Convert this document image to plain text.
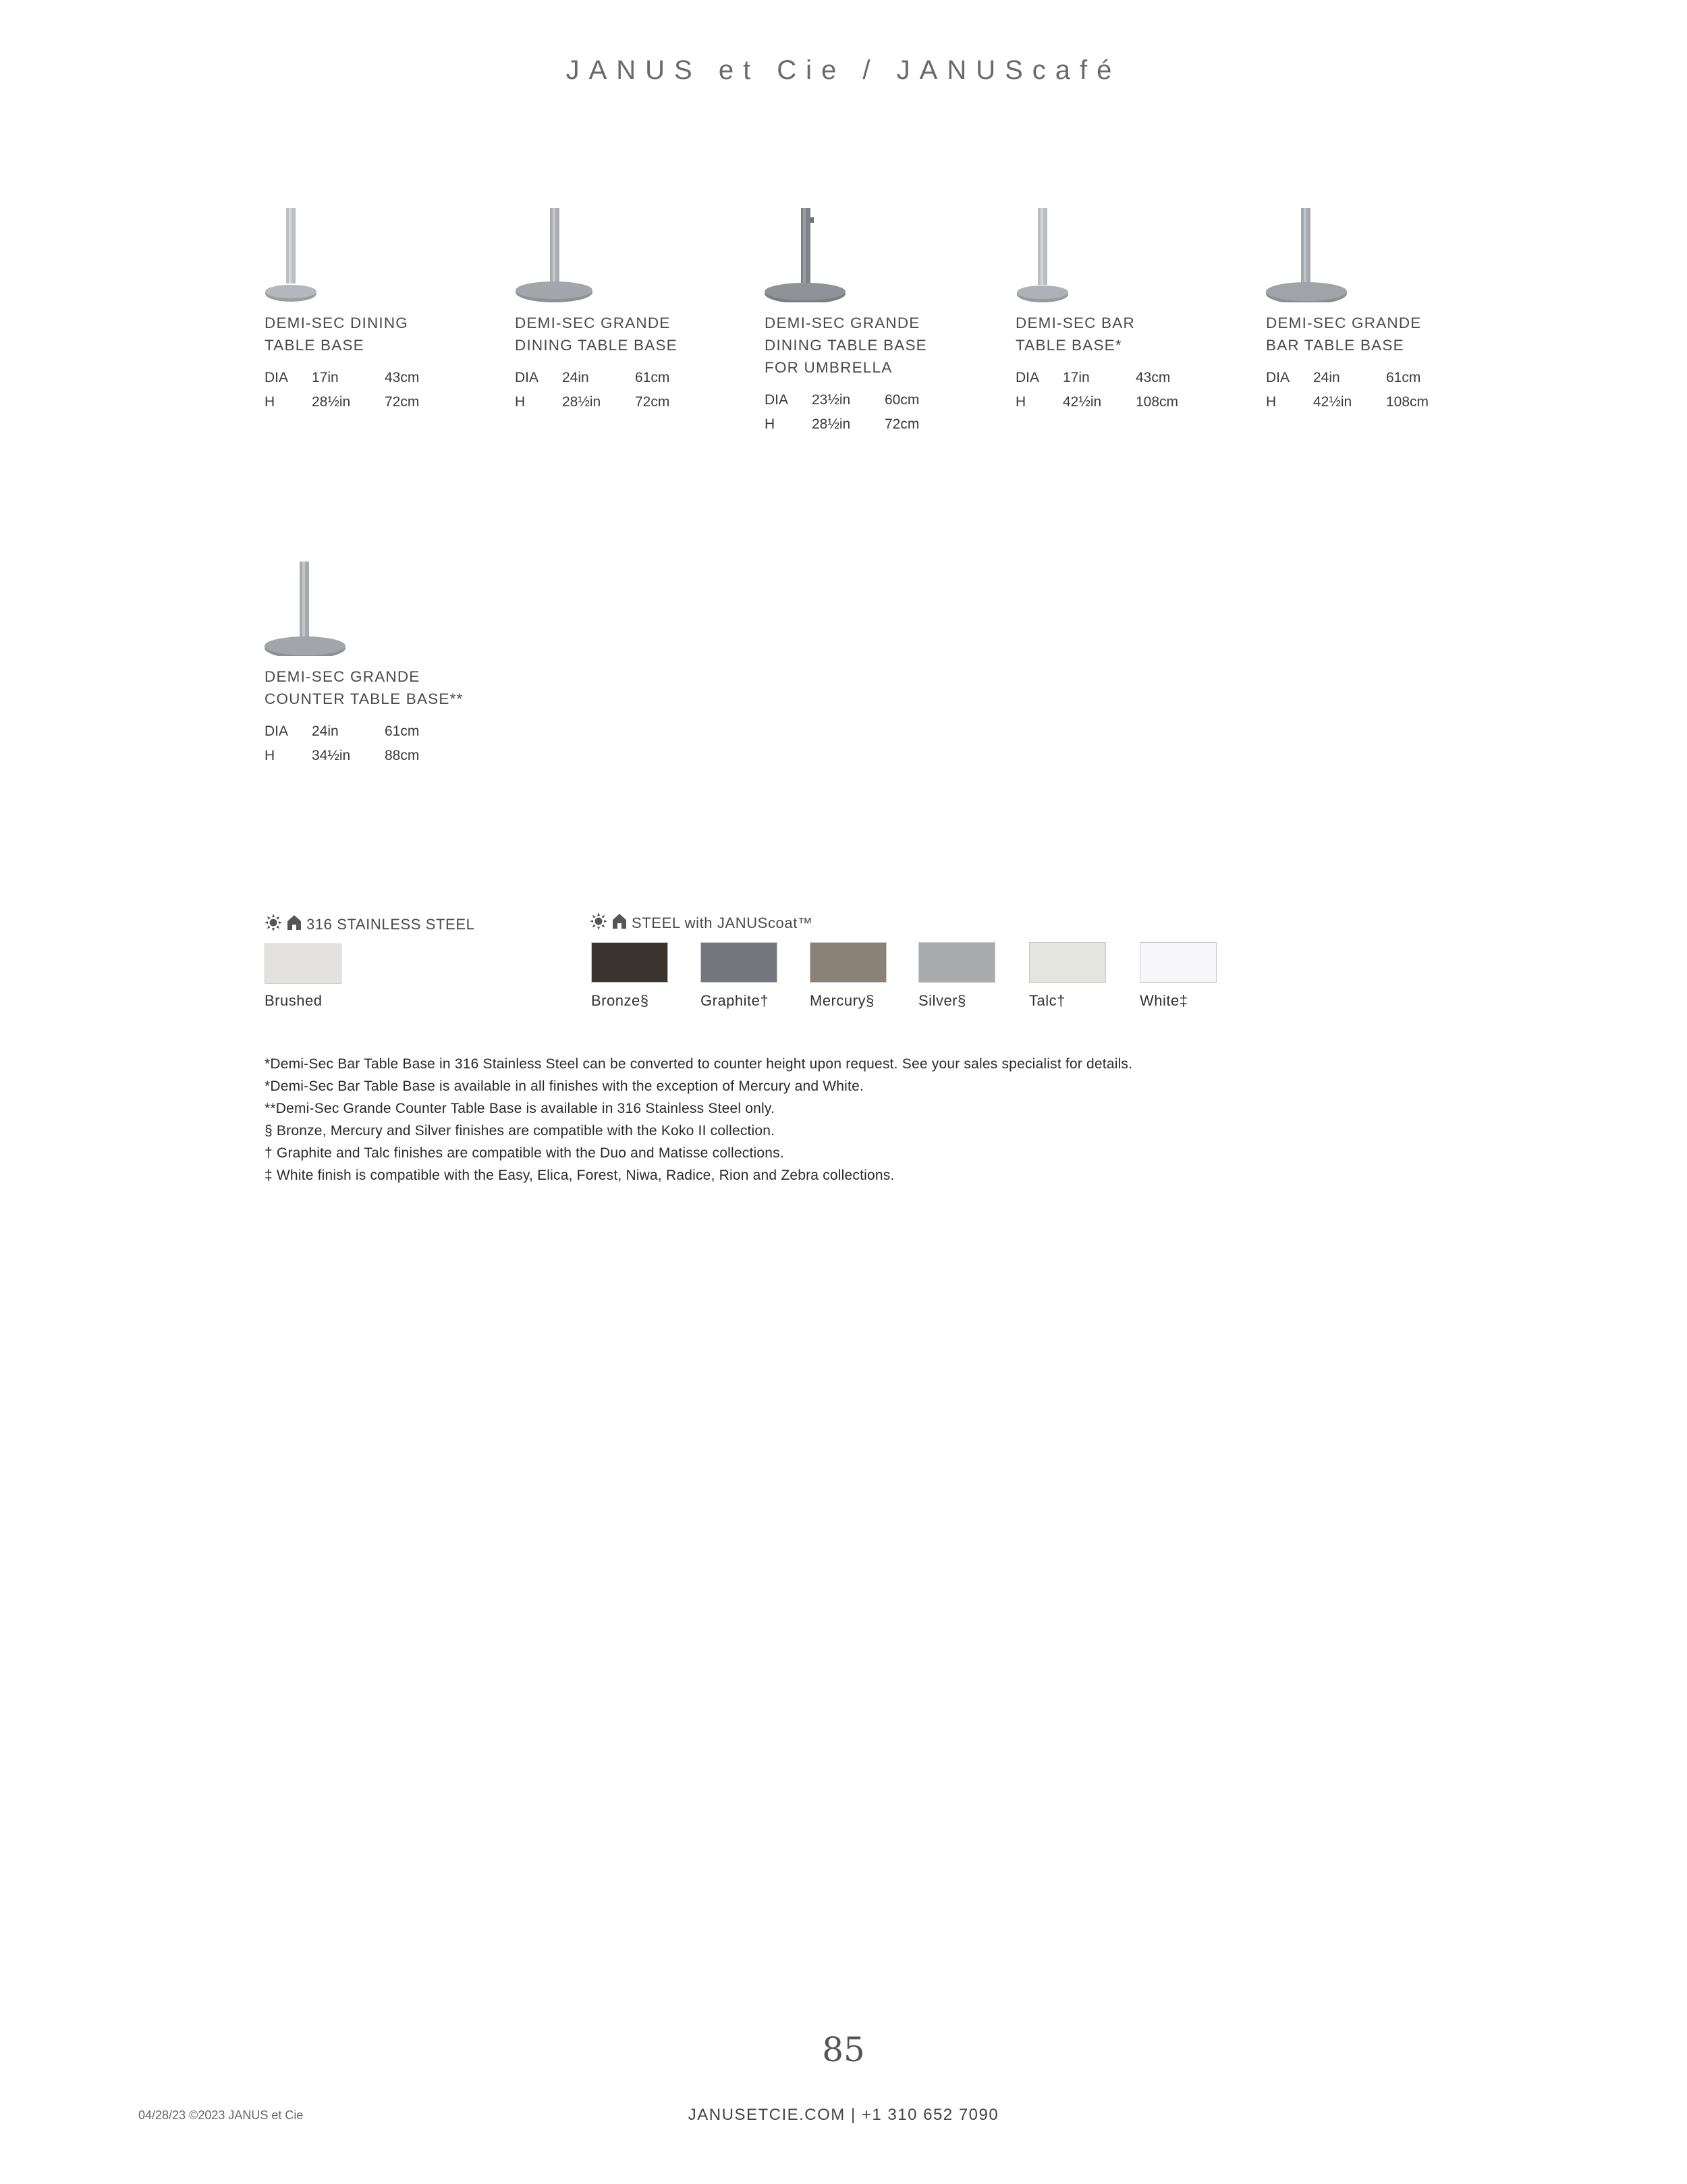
JANUS et Cie / JANUScafé
DEMI-SEC DINING
TABLE BASE
DIA	17in	43cm
H	28½in	72cm
DEMI-SEC GRANDE
DINING TABLE BASE
DIA	24in	61cm
H	28½in	72cm
DEMI-SEC GRANDE
DINING TABLE BASE
FOR UMBRELLA
DIA	23½in	60cm
H	28½in	72cm
DEMI-SEC BAR
TABLE BASE*
DIA	17in	43cm
H	42½in	108cm
DEMI-SEC GRANDE
BAR TABLE BASE
DIA	24in	61cm
H	42½in	108cm
DEMI-SEC GRANDE
COUNTER TABLE BASE**
DIA	24in	61cm
H	34½in	88cm
316 STAINLESS STEEL
Brushed
STEEL with JANUScoat™
Bronze§	Graphite†	Mercury§	Silver§	Talc†	White‡
*Demi-Sec Bar Table Base in 316 Stainless Steel can be converted to counter height upon request. See your sales specialist for details.
*Demi-Sec Bar Table Base is available in all finishes with the exception of Mercury and White.
**Demi-Sec Grande Counter Table Base is available in 316 Stainless Steel only.
§ Bronze, Mercury and Silver finishes are compatible with the Koko II collection.
† Graphite and Talc finishes are compatible with the Duo and Matisse collections.
‡ White finish is compatible with the Easy, Elica, Forest, Niwa, Radice, Rion and Zebra collections.
85
04/28/23 ©2023 JANUS et Cie	JANUSETCIE.COM | +1 310 652 7090
